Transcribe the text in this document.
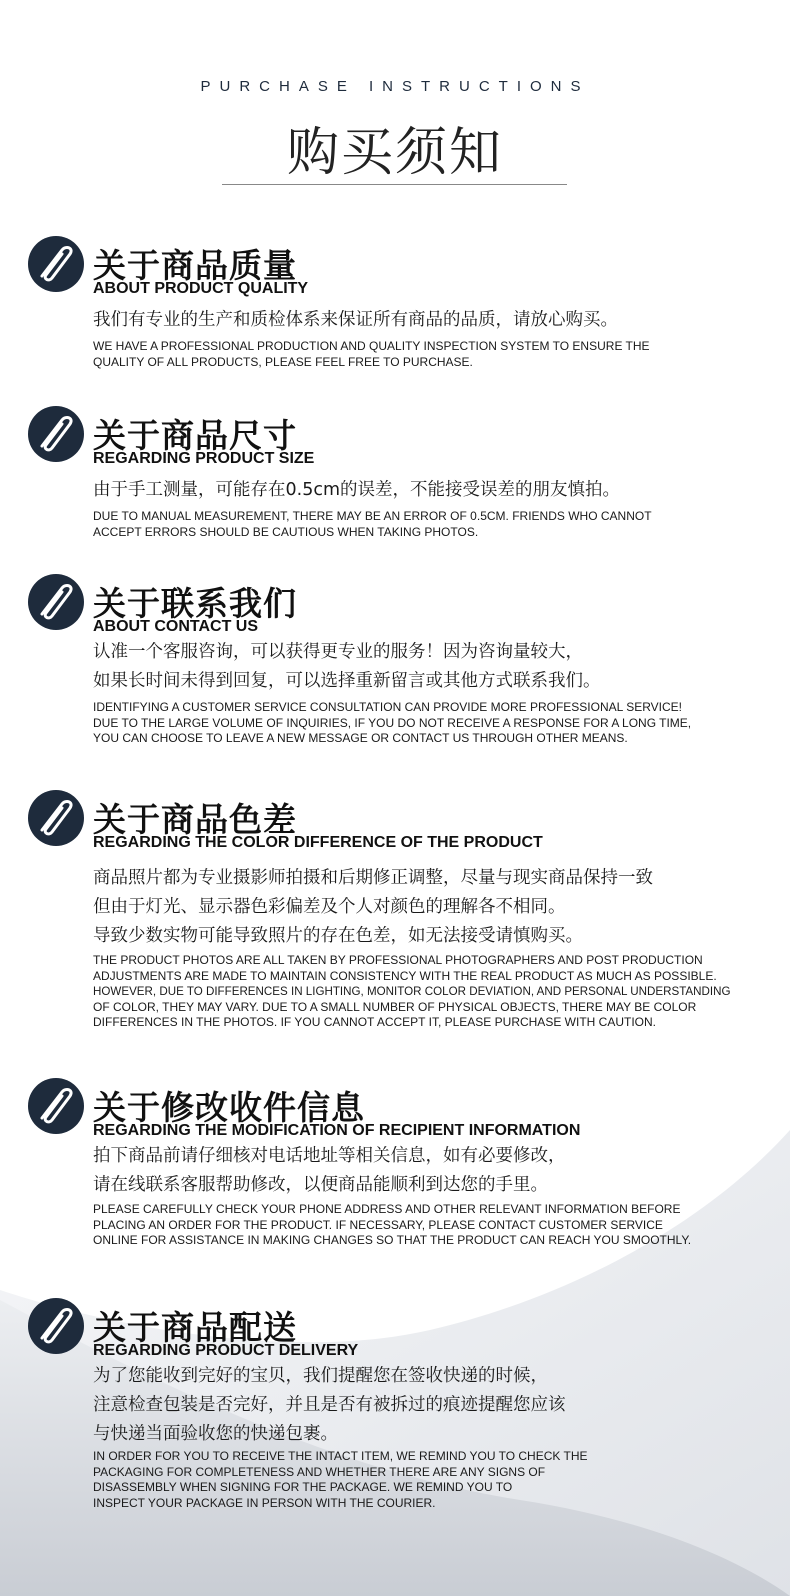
PURCHASE INSTRUCTIONS
购买须知
关于商品质量
ABOUT PRODUCT QUALITY
我们有专业的生产和质检体系来保证所有商品的品质，请放心购买。
WE HAVE A PROFESSIONAL PRODUCTION AND QUALITY INSPECTION SYSTEM TO ENSURE THE
QUALITY OF ALL PRODUCTS, PLEASE FEEL FREE TO PURCHASE.
关于商品尺寸
REGARDING PRODUCT SIZE
由于手工测量，可能存在0.5cm的误差，不能接受误差的朋友慎拍。
DUE TO MANUAL MEASUREMENT, THERE MAY BE AN ERROR OF 0.5CM. FRIENDS WHO CANNOT
ACCEPT ERRORS SHOULD BE CAUTIOUS WHEN TAKING PHOTOS.
关于联系我们
ABOUT CONTACT US
认准一个客服咨询，可以获得更专业的服务！因为咨询量较大，
如果长时间未得到回复，可以选择重新留言或其他方式联系我们。
IDENTIFYING A CUSTOMER SERVICE CONSULTATION CAN PROVIDE MORE PROFESSIONAL SERVICE!
DUE TO THE LARGE VOLUME OF INQUIRIES, IF YOU DO NOT RECEIVE A RESPONSE FOR A LONG TIME,
YOU CAN CHOOSE TO LEAVE A NEW MESSAGE OR CONTACT US THROUGH OTHER MEANS.
关于商品色差
REGARDING THE COLOR DIFFERENCE OF THE PRODUCT
商品照片都为专业摄影师拍摄和后期修正调整，尽量与现实商品保持一致
但由于灯光、显示器色彩偏差及个人对颜色的理解各不相同。
导致少数实物可能导致照片的存在色差，如无法接受请慎购买。
THE PRODUCT PHOTOS ARE ALL TAKEN BY PROFESSIONAL PHOTOGRAPHERS AND POST PRODUCTION
ADJUSTMENTS ARE MADE TO MAINTAIN CONSISTENCY WITH THE REAL PRODUCT AS MUCH AS POSSIBLE.
HOWEVER, DUE TO DIFFERENCES IN LIGHTING, MONITOR COLOR DEVIATION, AND PERSONAL UNDERSTANDING
OF COLOR, THEY MAY VARY. DUE TO A SMALL NUMBER OF PHYSICAL OBJECTS, THERE MAY BE COLOR
DIFFERENCES IN THE PHOTOS. IF YOU CANNOT ACCEPT IT, PLEASE PURCHASE WITH CAUTION.
关于修改收件信息
REGARDING THE MODIFICATION OF RECIPIENT INFORMATION
拍下商品前请仔细核对电话地址等相关信息，如有必要修改，
请在线联系客服帮助修改，以便商品能顺利到达您的手里。
PLEASE CAREFULLY CHECK YOUR PHONE ADDRESS AND OTHER RELEVANT INFORMATION BEFORE
PLACING AN ORDER FOR THE PRODUCT. IF NECESSARY, PLEASE CONTACT CUSTOMER SERVICE
ONLINE FOR ASSISTANCE IN MAKING CHANGES SO THAT THE PRODUCT CAN REACH YOU SMOOTHLY.
关于商品配送
REGARDING PRODUCT DELIVERY
为了您能收到完好的宝贝，我们提醒您在签收快递的时候，
注意检查包装是否完好，并且是否有被拆过的痕迹提醒您应该
与快递当面验收您的快递包裹。
IN ORDER FOR YOU TO RECEIVE THE INTACT ITEM, WE REMIND YOU TO CHECK THE
PACKAGING FOR COMPLETENESS AND WHETHER THERE ARE ANY SIGNS OF
DISASSEMBLY WHEN SIGNING FOR THE PACKAGE. WE REMIND YOU TO
INSPECT YOUR PACKAGE IN PERSON WITH THE COURIER.
